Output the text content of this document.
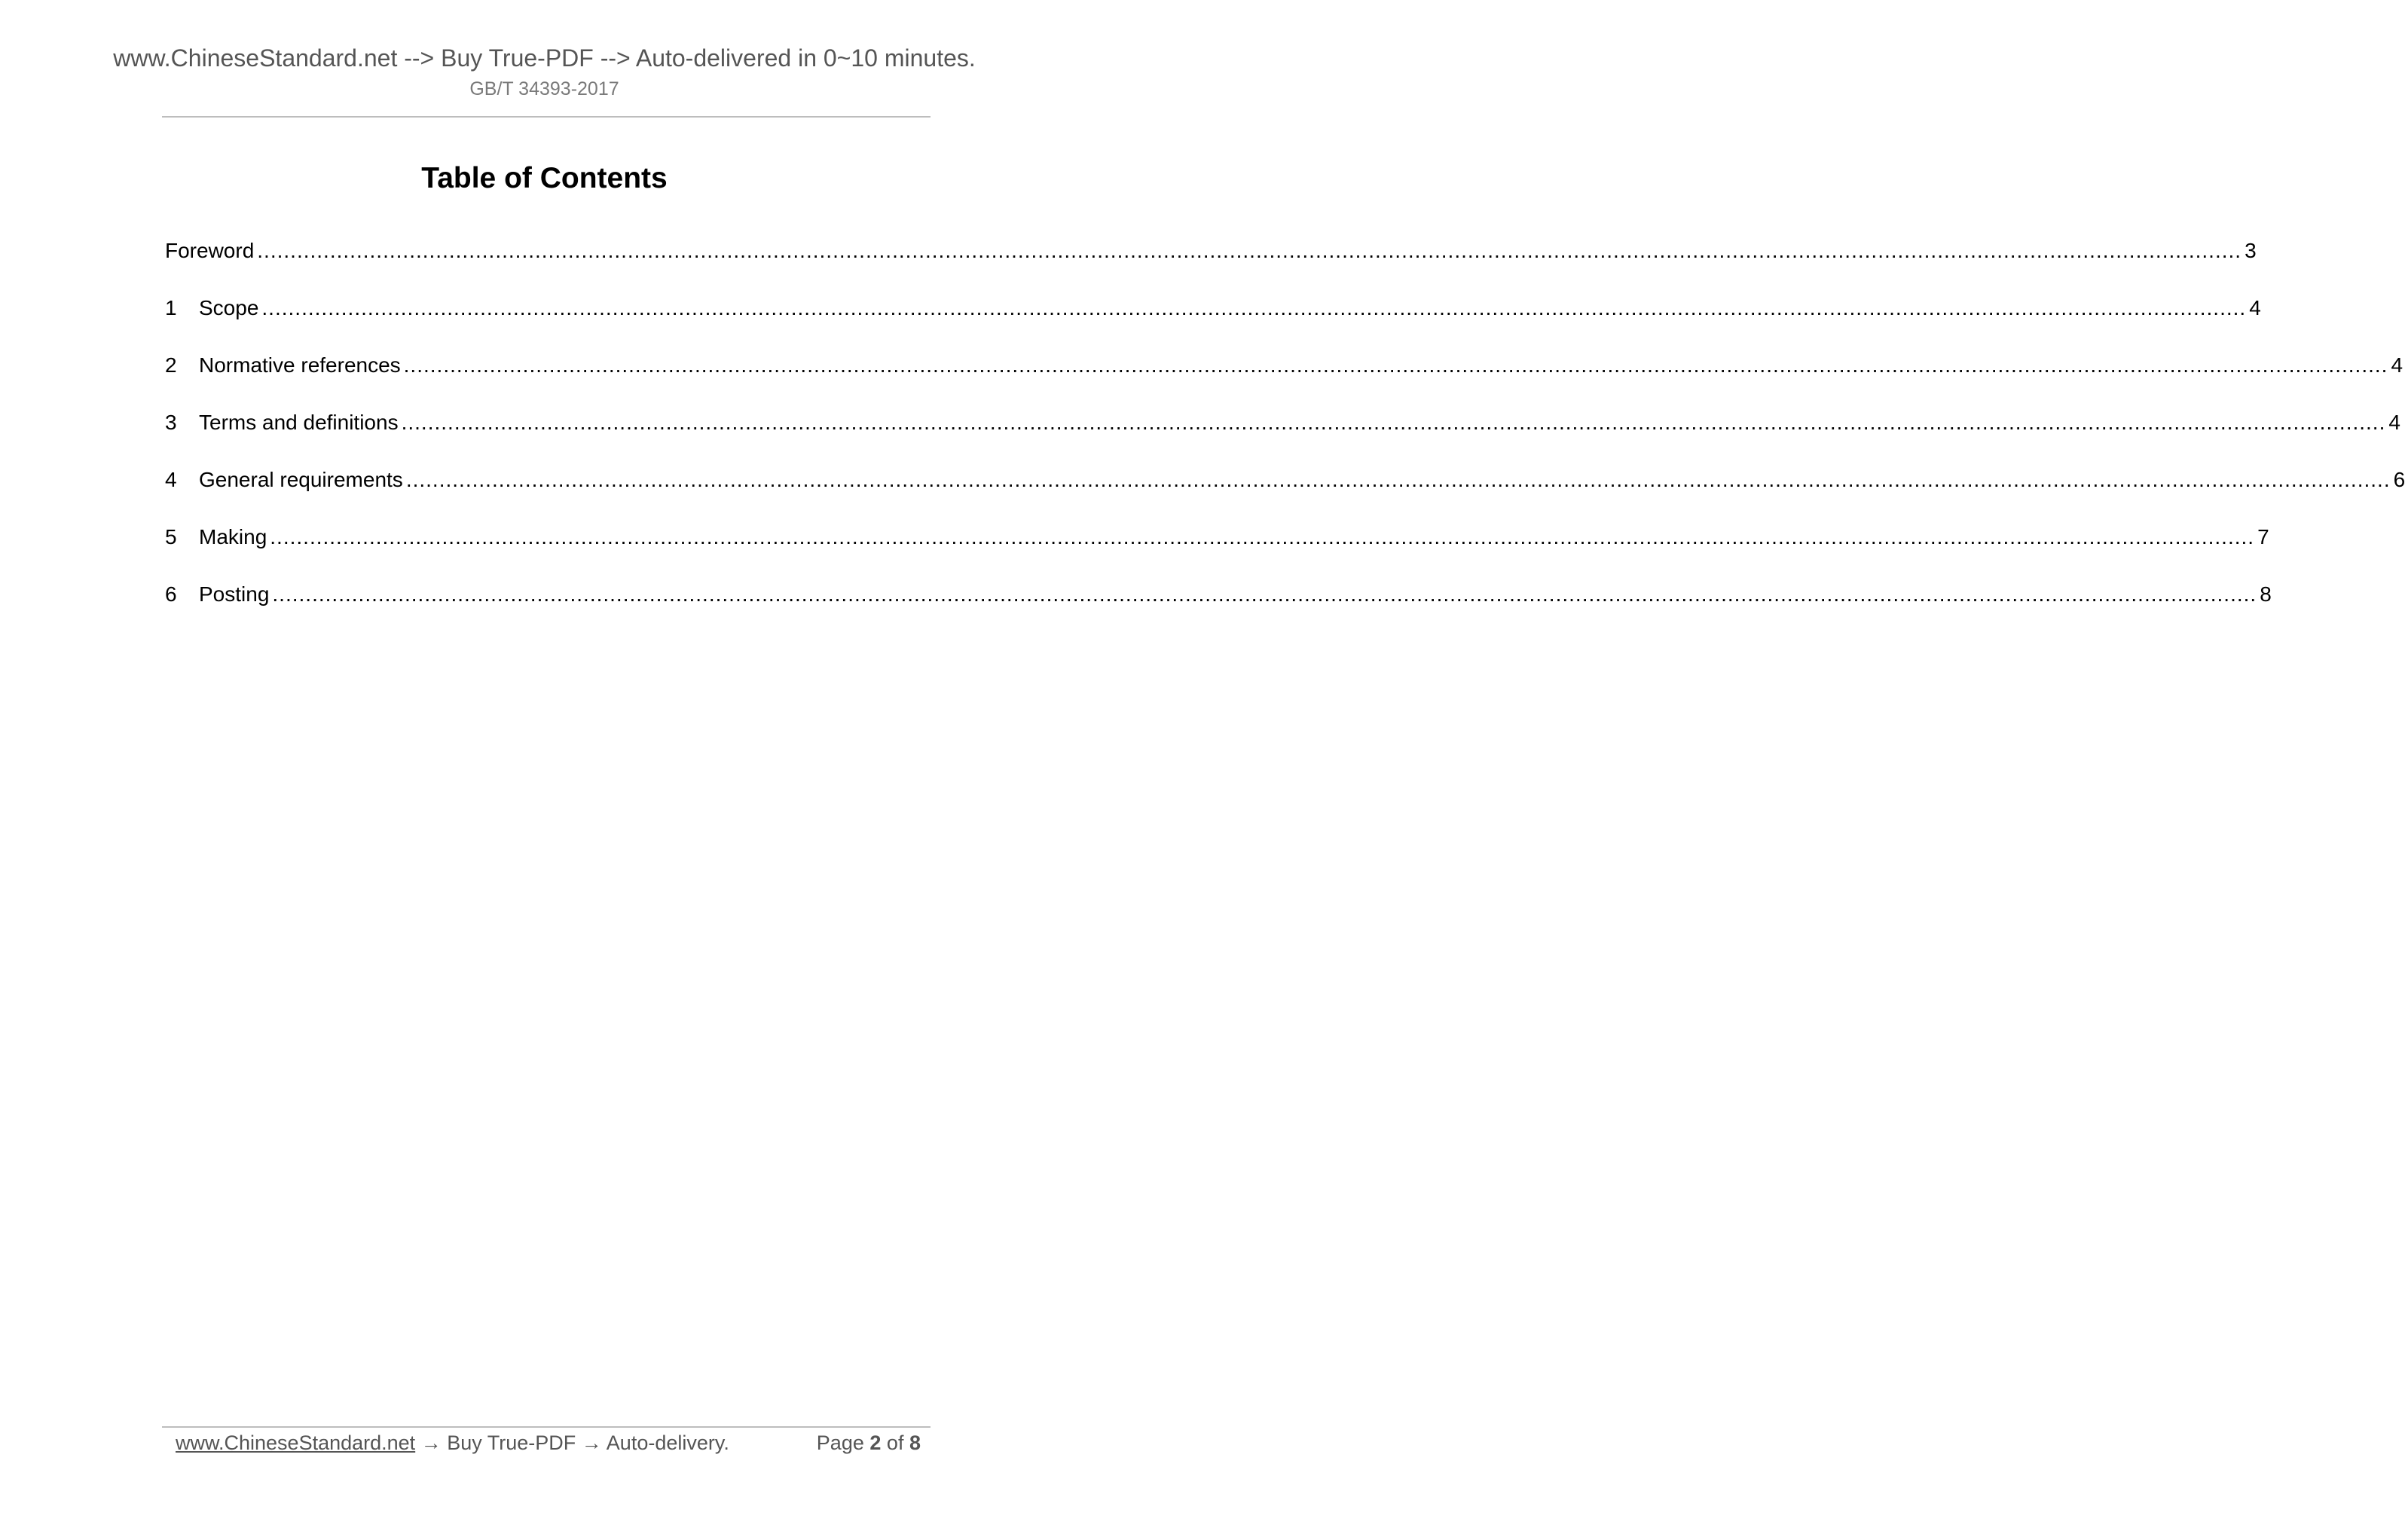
www.ChineseStandard.net --> Buy True-PDF --> Auto-delivered in 0~10 minutes.
GB/T 34393-2017
Table of Contents
Foreword ............................................................................................................................................................................................................................................................................................................ 3
1	Scope ............................................................................................................................................................................................................................................................................................................ 4
2	Normative references ............................................................................................................................................................................................................................................................................................................ 4
3	Terms and definitions ............................................................................................................................................................................................................................................................................................................ 4
4	General requirements ............................................................................................................................................................................................................................................................................................................ 6
5	Making ............................................................................................................................................................................................................................................................................................................ 7
6	Posting ............................................................................................................................................................................................................................................................................................................ 8
www.ChineseStandard.net → Buy True-PDF → Auto-delivery.	Page 2 of 8
